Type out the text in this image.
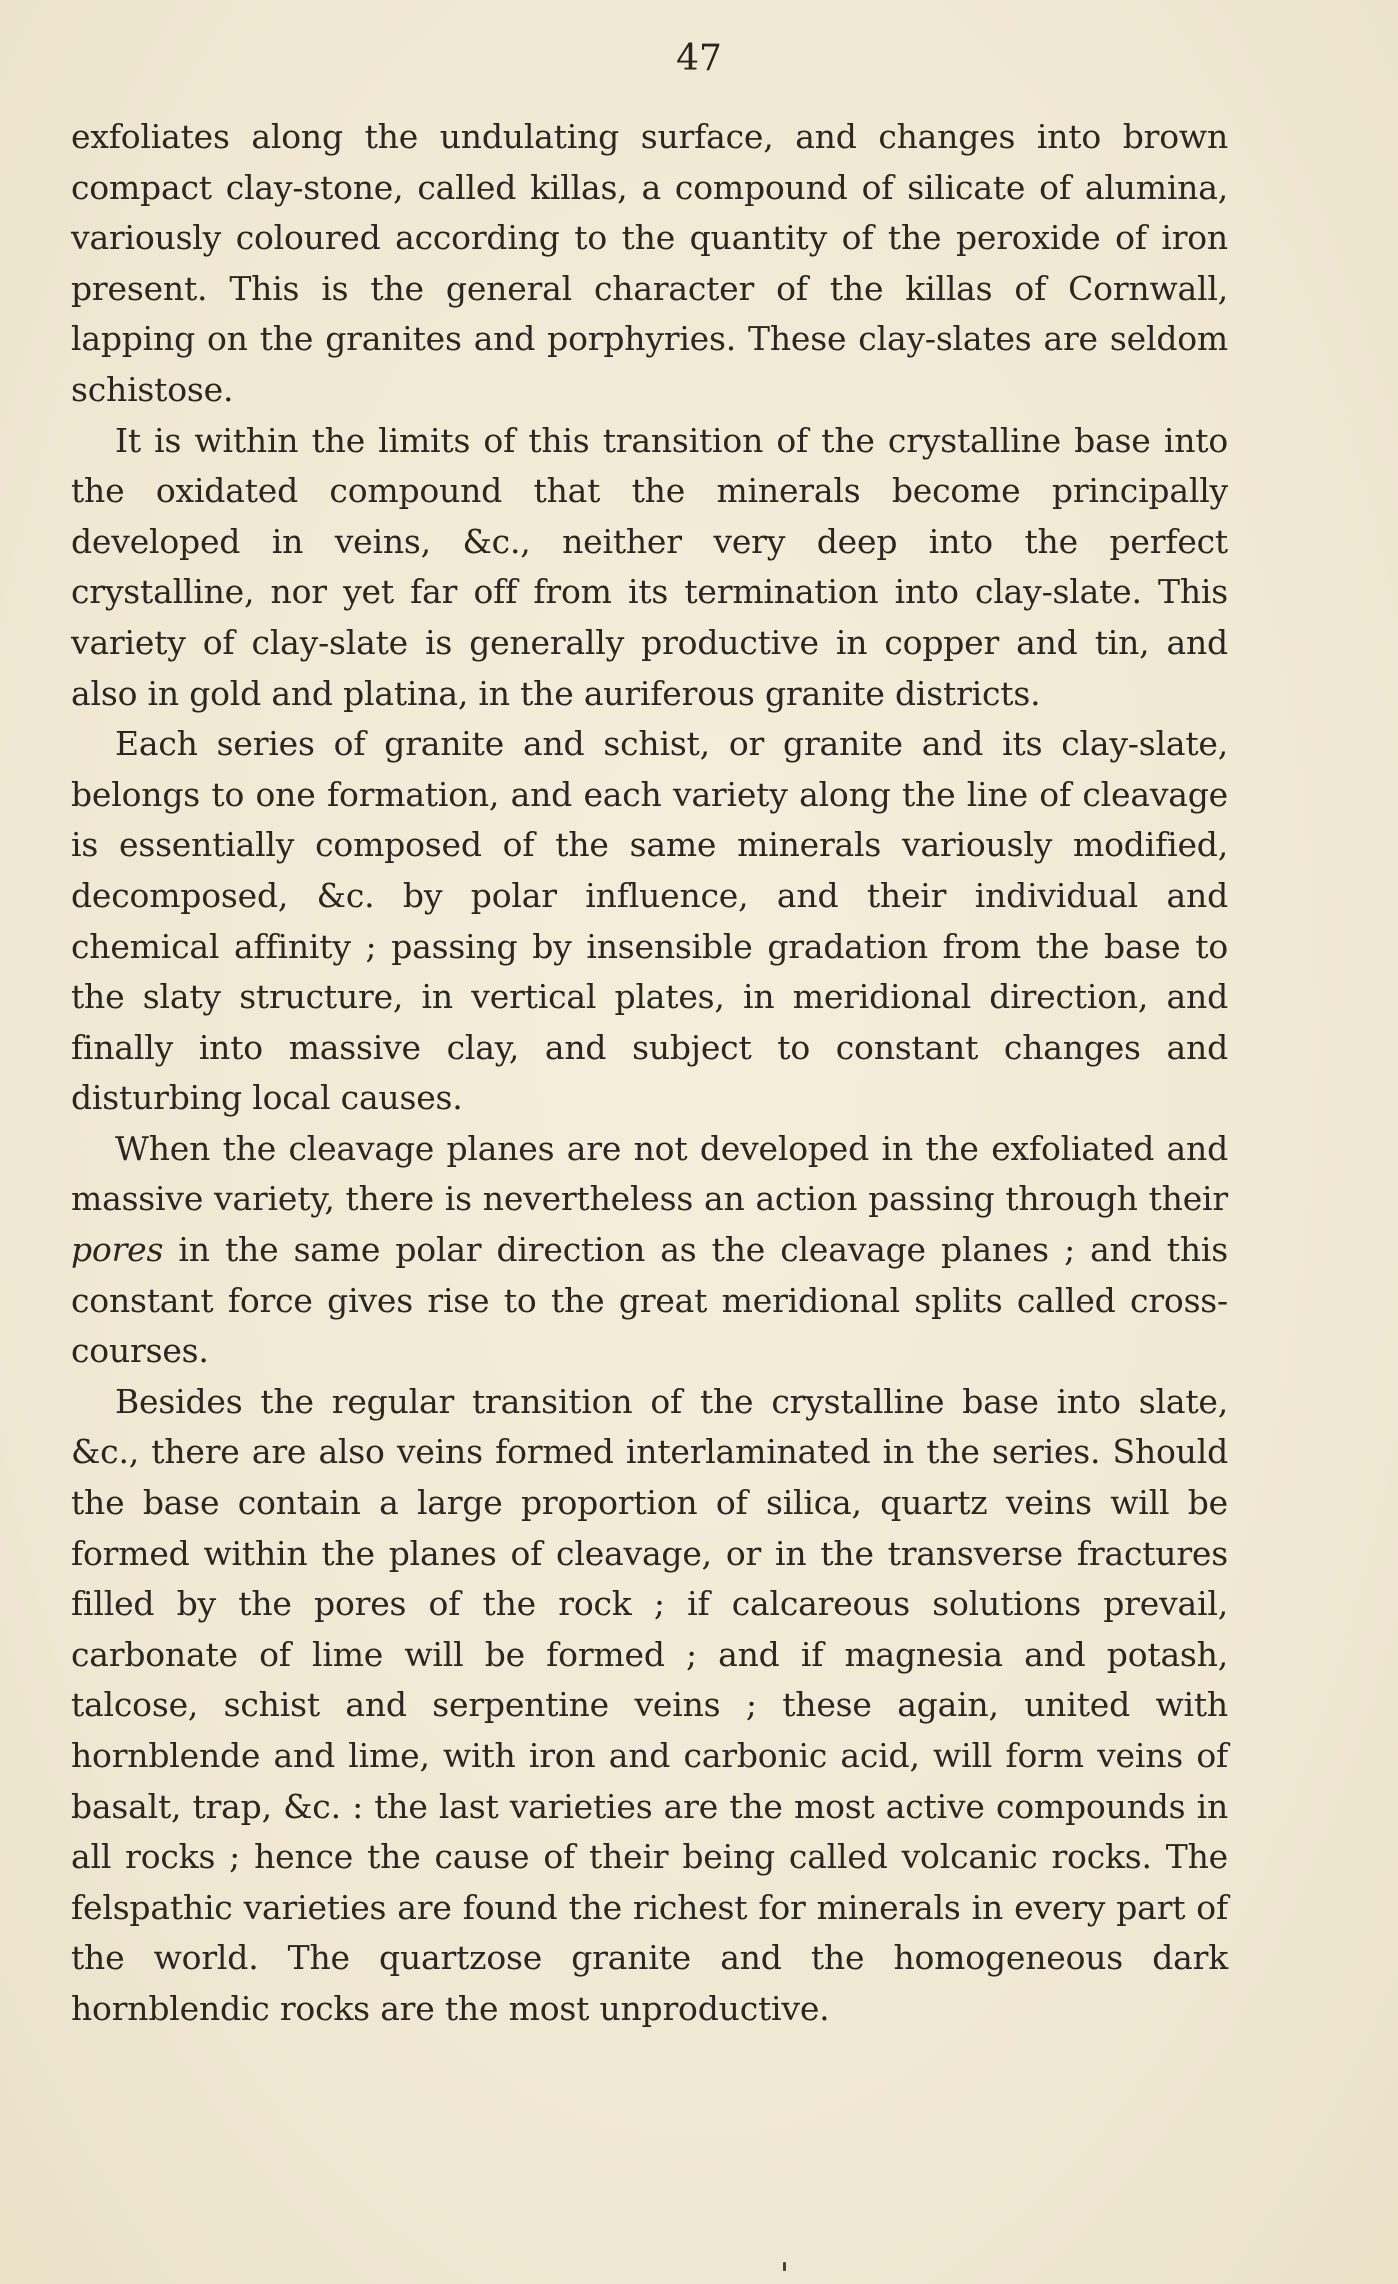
47

exfoliates along the undulating surface, and changes into brown compact clay-stone, called killas, a compound of silicate of alumina, variously coloured according to the quantity of the peroxide of iron present. This is the general character of the killas of Cornwall, lapping on the granites and porphyries. These clay-slates are seldom schistose.

It is within the limits of this transition of the crystalline base into the oxidated compound that the minerals become principally developed in veins, &c., neither very deep into the perfect crystalline, nor yet far off from its termination into clay-slate. This variety of clay-slate is generally productive in copper and tin, and also in gold and platina, in the auriferous granite districts.

Each series of granite and schist, or granite and its clay-slate, belongs to one formation, and each variety along the line of cleavage is essentially composed of the same minerals variously modified, decomposed, &c. by polar influence, and their individual and chemical affinity ; passing by insensible gradation from the base to the slaty structure, in vertical plates, in meridional direction, and finally into massive clay, and subject to constant changes and disturbing local causes.

When the cleavage planes are not developed in the exfoliated and massive variety, there is nevertheless an action passing through their pores in the same polar direction as the cleavage planes ; and this constant force gives rise to the great meridional splits called cross-courses.

Besides the regular transition of the crystalline base into slate, &c., there are also veins formed interlaminated in the series. Should the base contain a large proportion of silica, quartz veins will be formed within the planes of cleavage, or in the transverse fractures filled by the pores of the rock ; if calcareous solutions prevail, carbonate of lime will be formed ; and if magnesia and potash, talcose, schist and serpentine veins ; these again, united with hornblende and lime, with iron and carbonic acid, will form veins of basalt, trap, &c. : the last varieties are the most active compounds in all rocks ; hence the cause of their being called volcanic rocks. The felspathic varieties are found the richest for minerals in every part of the world. The quartzose granite and the homogeneous dark hornblendic rocks are the most unproductive.
